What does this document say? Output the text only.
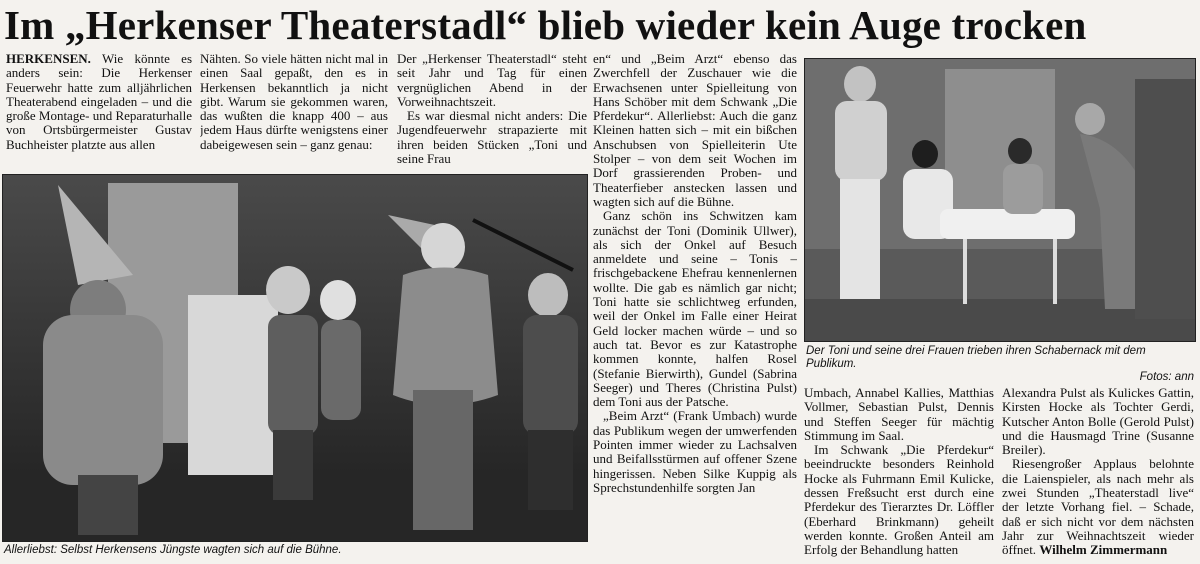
Im „Herkenser Theaterstadl“ blieb wieder kein Auge trocken

HERKENSEN. Wie könnte es anders sein: Die Herkenser Feuerwehr hatte zum alljährlichen Theaterabend eingeladen – und die große Montage- und Reparaturhalle von Ortsbürgermeister Gustav Buchheister platzte aus allen

Nähten. So viele hätten nicht mal in einen Saal gepaßt, den es in Herkensen bekanntlich ja nicht gibt. Warum sie gekommen waren, das wußten die knapp 400 – aus jedem Haus dürfte wenigstens einer dabeigewesen sein – ganz genau:

Der „Herkenser Theaterstadl“ steht seit Jahr und Tag für einen vergnüglichen Abend in der Vorweihnachtszeit.

Es war diesmal nicht anders: Die Jugendfeuerwehr strapazierte mit ihren beiden Stücken „Toni und seine Frau

Allerliebst: Selbst Herkensens Jüngste wagten sich auf die Bühne.

en“ und „Beim Arzt“ ebenso das Zwerchfell der Zuschauer wie die Erwachsenen unter Spielleitung von Hans Schöber mit dem Schwank „Die Pferdekur“. Allerliebst: Auch die ganz Kleinen hatten sich – mit ein bißchen Anschubsen von Spielleiterin Ute Stolper – von dem seit Wochen im Dorf grassierenden Proben- und Theaterfieber anstecken lassen und wagten sich auf die Bühne.

Ganz schön ins Schwitzen kam zunächst der Toni (Dominik Ullwer), als sich der Onkel auf Besuch anmeldete und seine – Tonis – frischgebackene Ehefrau kennenlernen wollte. Die gab es nämlich gar nicht; Toni hatte sie schlichtweg erfunden, weil der Onkel im Falle einer Heirat Geld locker machen würde – und so auch tat. Bevor es zur Katastrophe kommen konnte, halfen Rosel (Stefanie Bierwirth), Gundel (Sabrina Seeger) und Theres (Christina Pulst) dem Toni aus der Patsche.

„Beim Arzt“ (Frank Umbach) wurde das Publikum wegen der umwerfenden Pointen immer wieder zu Lachsalven und Beifallsstürmen auf offener Szene hingerissen. Neben Silke Kuppig als Sprechstundenhilfe sorgten Jan

Der Toni und seine drei Frauen trieben ihren Schabernack mit dem Publikum.
Fotos: ann

Umbach, Annabel Kallies, Matthias Vollmer, Sebastian Pulst, Dennis und Steffen Seeger für mächtig Stimmung im Saal.

Im Schwank „Die Pferdekur“ beeindruckte besonders Reinhold Hocke als Fuhrmann Emil Kulicke, dessen Freßsucht erst durch eine Pferdekur des Tierarztes Dr. Löffler (Eberhard Brinkmann) geheilt werden konnte. Großen Anteil am Erfolg der Behandlung hatten

Alexandra Pulst als Kulickes Gattin, Kirsten Hocke als Tochter Gerdi, Kutscher Anton Bolle (Gerold Pulst) und die Hausmagd Trine (Susanne Breiler).

Riesengroßer Applaus belohnte die Laienspieler, als nach mehr als zwei Stunden „Theaterstadl live“ der letzte Vorhang fiel. – Schade, daß er sich nicht vor dem nächsten Jahr zur Weihnachtszeit wieder öffnet. Wilhelm Zimmermann
